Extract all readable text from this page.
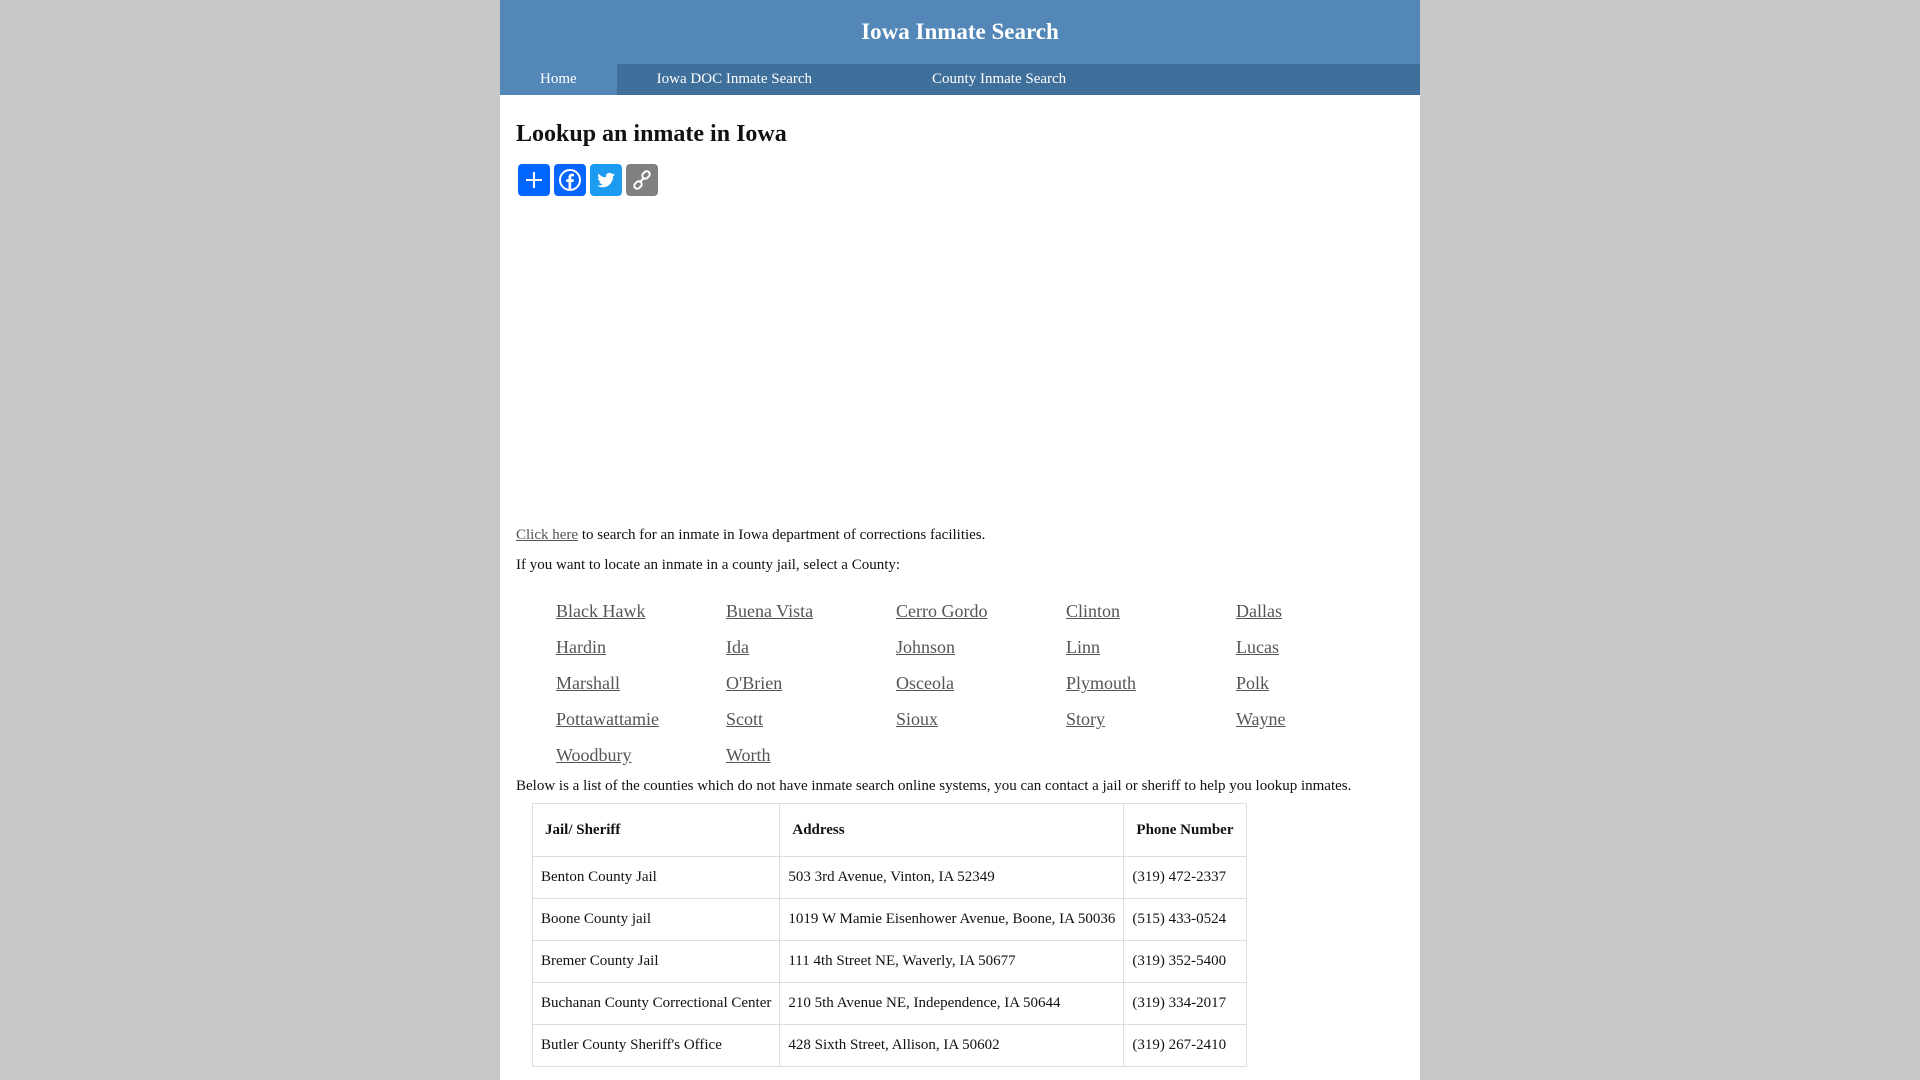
Iowa Inmate Search
Home	Iowa DOC Inmate Search	County Inmate Search
Lookup an inmate in Iowa

Click here to search for an inmate in Iowa department of corrections facilities.

If you want to locate an inmate in a county jail, select a County:

Black Hawk	Buena Vista	Cerro Gordo	Clinton	Dallas
Hardin	Ida	Johnson	Linn	Lucas
Marshall	O'Brien	Osceola	Plymouth	Polk
Pottawattamie	Scott	Sioux	Story	Wayne
Woodbury	Worth

Below is a list of the counties which do not have inmate search online systems, you can contact a jail or sheriff to help you lookup inmates.

Jail/ Sheriff	Address	Phone Number
Benton County Jail	503 3rd Avenue, Vinton, IA 52349	(319) 472-2337
Boone County jail	1019 W Mamie Eisenhower Avenue, Boone, IA 50036	(515) 433-0524
Bremer County Jail	111 4th Street NE, Waverly, IA 50677	(319) 352-5400
Buchanan County Correctional Center	210 5th Avenue NE, Independence, IA 50644	(319) 334-2017
Butler County Sheriff's Office	428 Sixth Street, Allison, IA 50602	(319) 267-2410
